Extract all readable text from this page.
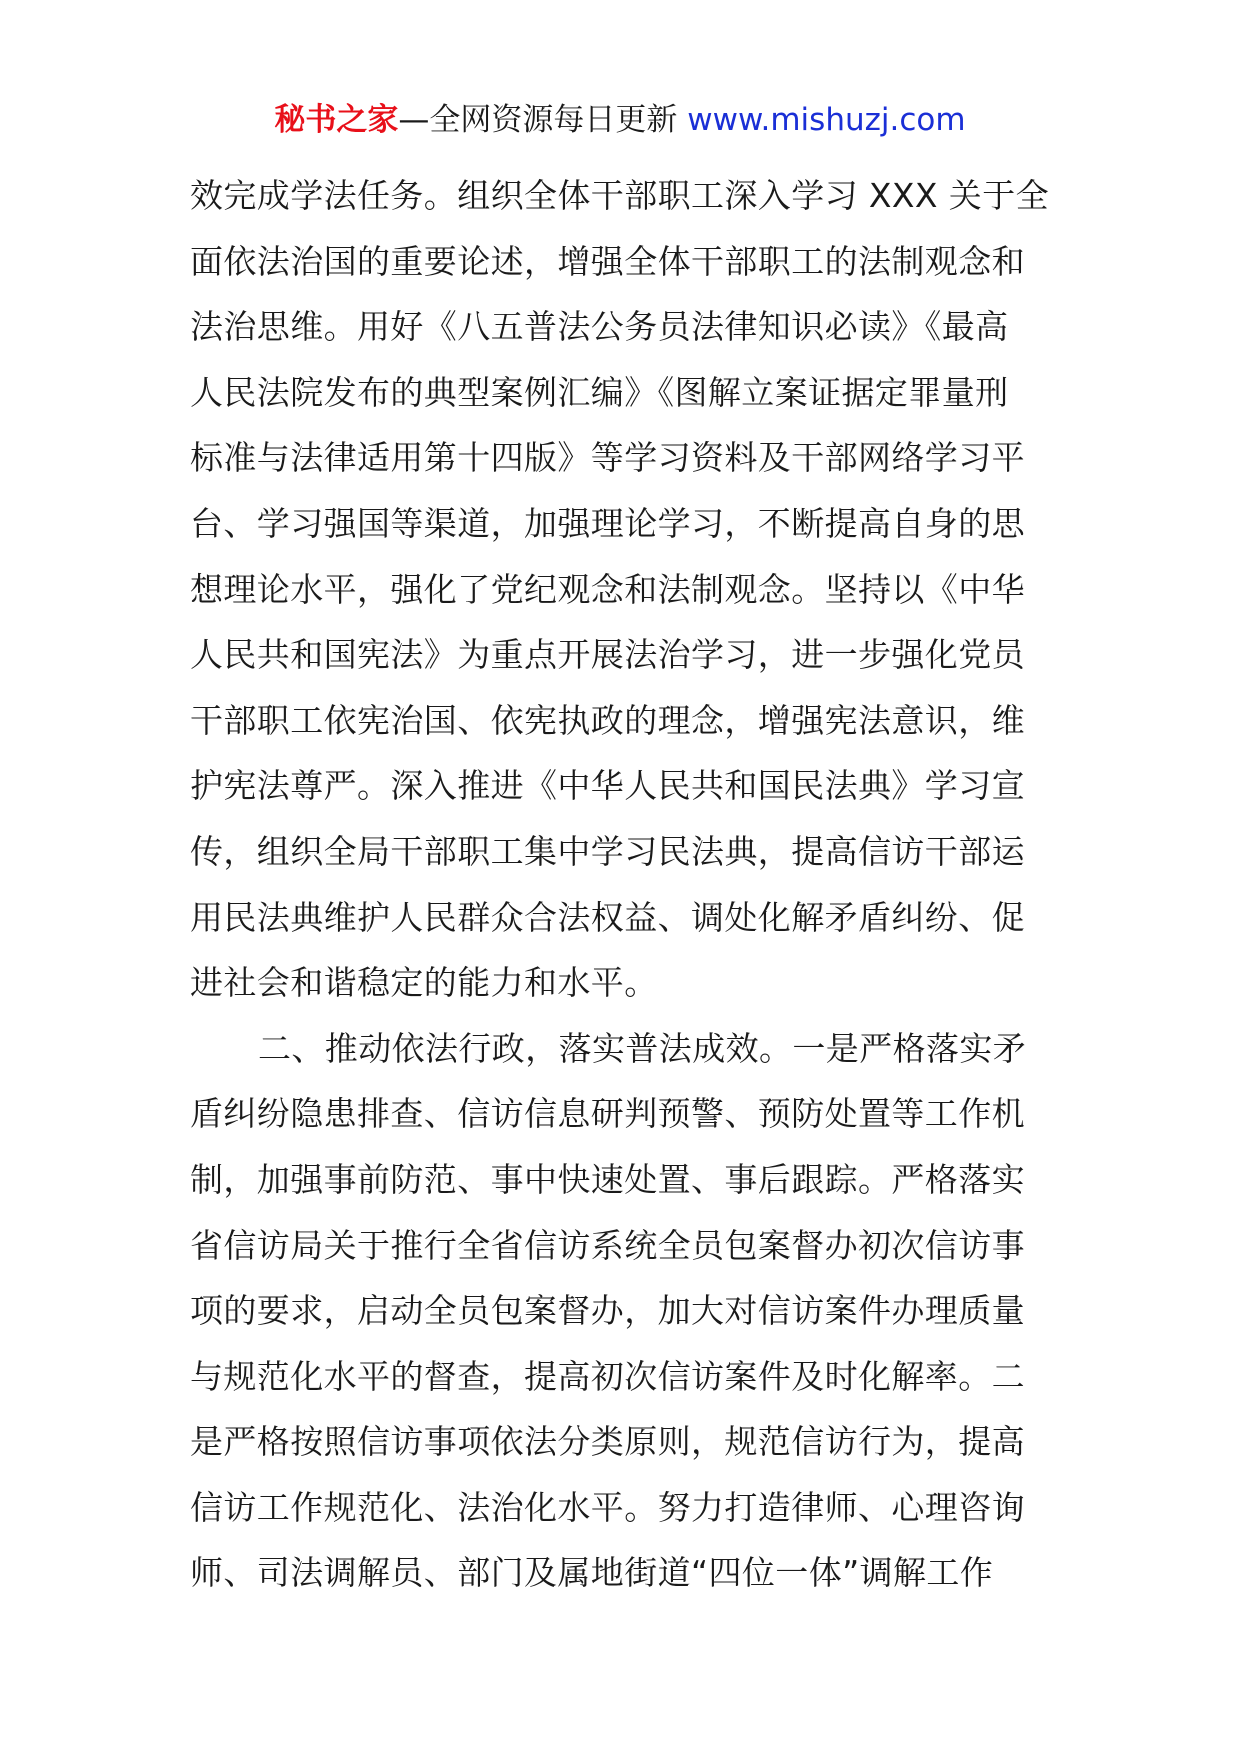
秘书之家—全网资源每日更新 www.mishuzj.com
效完成学法任务。组织全体干部职工深入学习 XXX 关于全
面依法治国的重要论述，增强全体干部职工的法制观念和
法治思维。用好《八五普法公务员法律知识必读》《最高
人民法院发布的典型案例汇编》《图解立案证据定罪量刑
标准与法律适用第十四版》等学习资料及干部网络学习平
台、学习强国等渠道，加强理论学习，不断提高自身的思
想理论水平，强化了党纪观念和法制观念。坚持以《中华
人民共和国宪法》为重点开展法治学习，进一步强化党员
干部职工依宪治国、依宪执政的理念，增强宪法意识，维
护宪法尊严。深入推进《中华人民共和国民法典》学习宣
传，组织全局干部职工集中学习民法典，提高信访干部运
用民法典维护人民群众合法权益、调处化解矛盾纠纷、促
进社会和谐稳定的能力和水平。
二、推动依法行政，落实普法成效。一是严格落实矛
盾纠纷隐患排查、信访信息研判预警、预防处置等工作机
制，加强事前防范、事中快速处置、事后跟踪。严格落实
省信访局关于推行全省信访系统全员包案督办初次信访事
项的要求，启动全员包案督办，加大对信访案件办理质量
与规范化水平的督查，提高初次信访案件及时化解率。二
是严格按照信访事项依法分类原则，规范信访行为，提高
信访工作规范化、法治化水平。努力打造律师、心理咨询
师、司法调解员、部门及属地街道“四位一体”调解工作
